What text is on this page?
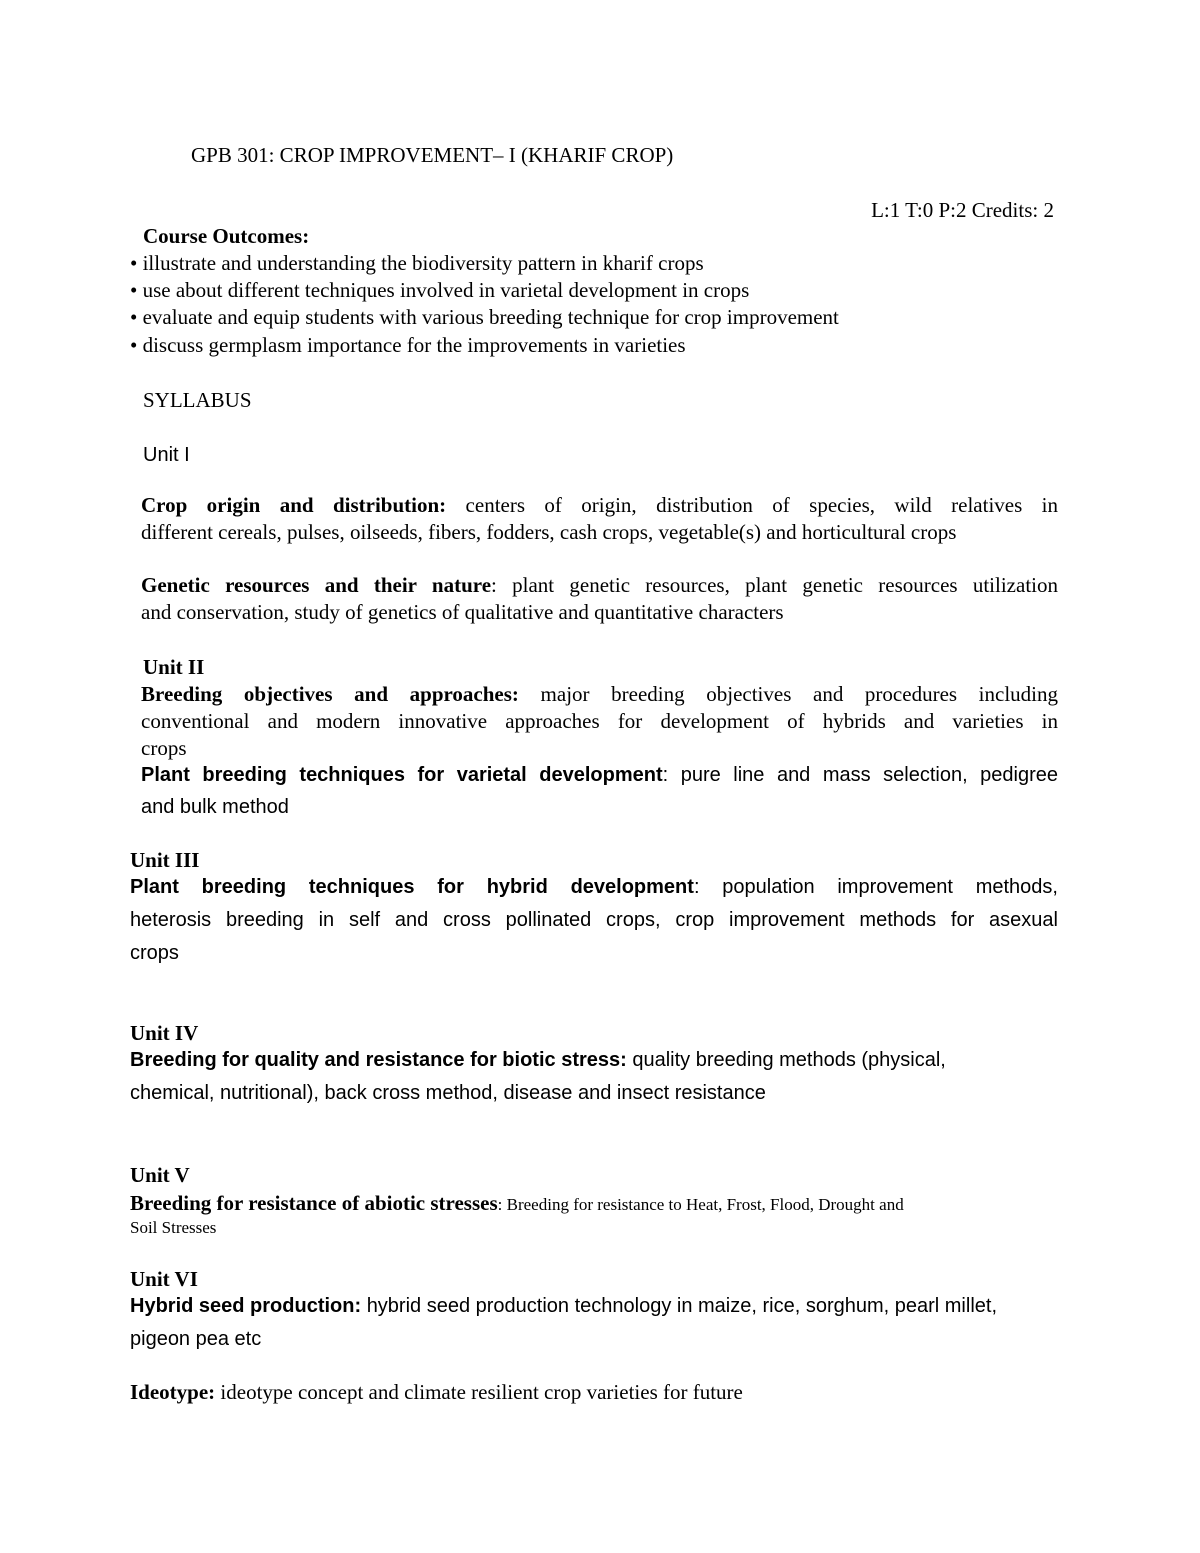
GPB 301: CROP IMPROVEMENT– I (KHARIF CROP)
L:1 T:0 P:2 Credits: 2
Course Outcomes:
• illustrate and understanding the biodiversity pattern in kharif crops
• use about different techniques involved in varietal development in crops
• evaluate and equip students with various breeding technique for crop improvement
• discuss germplasm importance for the improvements in varieties
SYLLABUS
Unit I
Crop origin and distribution: centers of origin, distribution of species, wild relatives in
different cereals, pulses, oilseeds, fibers, fodders, cash crops, vegetable(s) and horticultural crops
Genetic resources and their nature: plant genetic resources, plant genetic resources utilization
and conservation, study of genetics of qualitative and quantitative characters
Unit II
Breeding objectives and approaches: major breeding objectives and procedures including
conventional and modern innovative approaches for development of hybrids and varieties in
crops
Plant breeding techniques for varietal development: pure line and mass selection, pedigree
and bulk method
Unit III
Plant breeding techniques for hybrid development: population improvement methods,
heterosis breeding in self and cross pollinated crops, crop improvement methods for asexual
crops
Unit IV
Breeding for quality and resistance for biotic stress: quality breeding methods (physical,
chemical, nutritional), back cross method, disease and insect resistance
Unit V
Breeding for resistance of abiotic stresses: Breeding for resistance to Heat, Frost, Flood, Drought and
Soil Stresses
Unit VI
Hybrid seed production: hybrid seed production technology in maize, rice, sorghum, pearl millet,
pigeon pea etc
Ideotype: ideotype concept and climate resilient crop varieties for future
